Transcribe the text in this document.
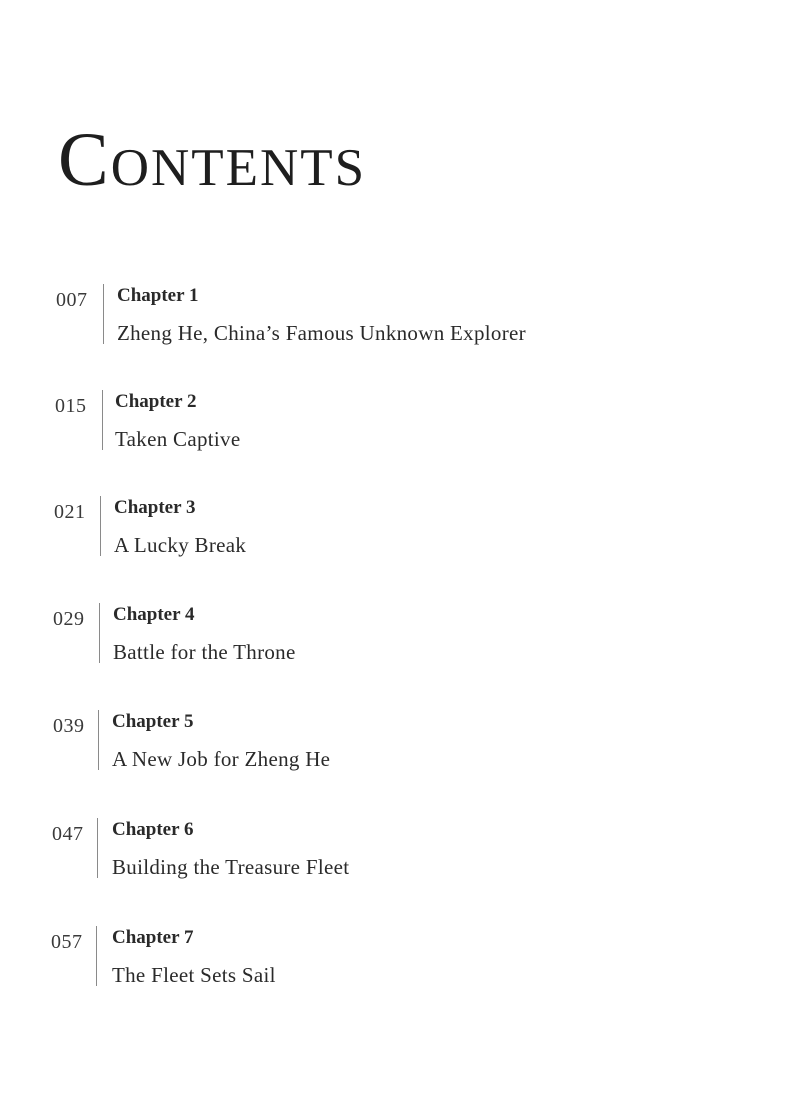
Contents
007 Chapter 1
Zheng He, China’s Famous Unknown Explorer
015 Chapter 2
Taken Captive
021 Chapter 3
A Lucky Break
029 Chapter 4
Battle for the Throne
039 Chapter 5
A New Job for Zheng He
047 Chapter 6
Building the Treasure Fleet
057 Chapter 7
The Fleet Sets Sail
